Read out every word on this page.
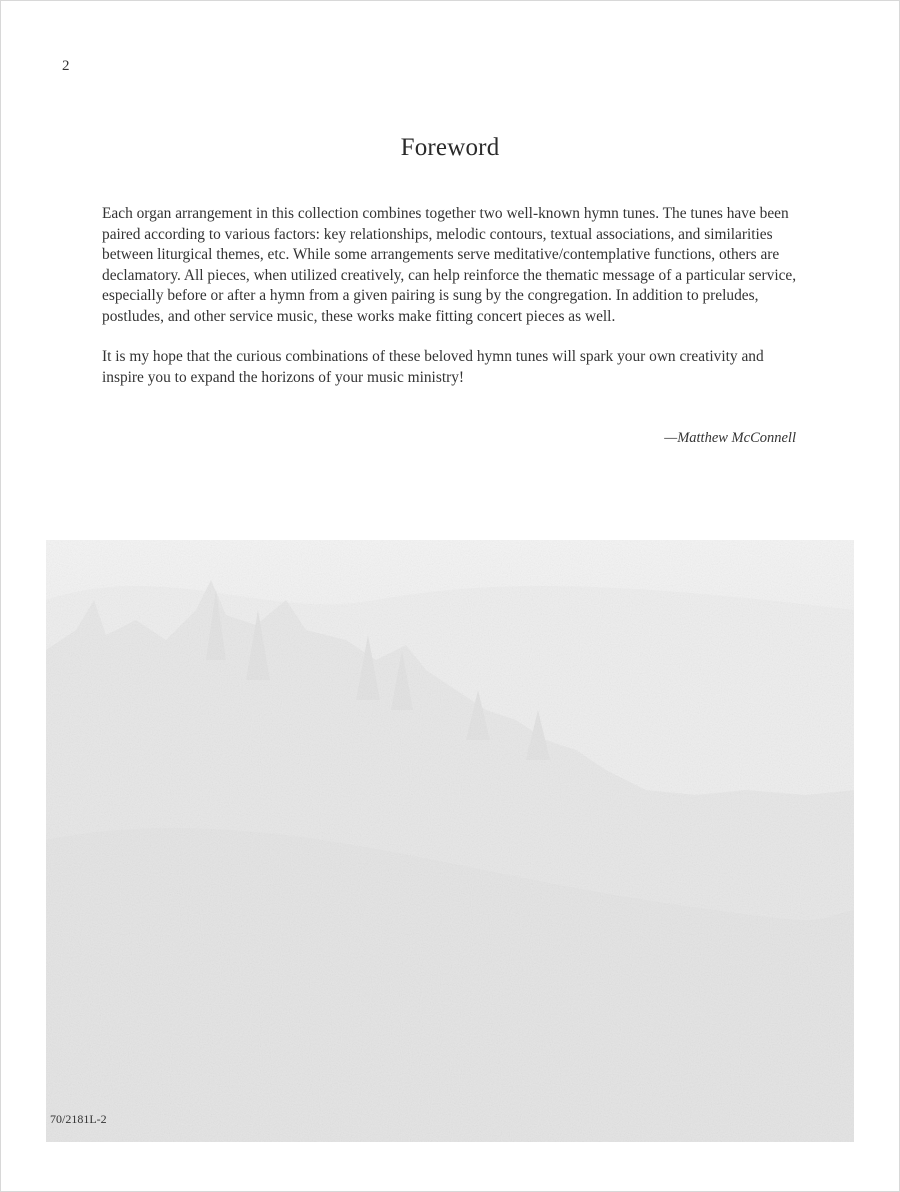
2
Foreword

Each organ arrangement in this collection combines together two well-known hymn tunes. The tunes have been paired according to various factors: key relationships, melodic contours, textual associations, and similarities between liturgical themes, etc. While some arrangements serve meditative/contemplative functions, others are declamatory. All pieces, when utilized creatively, can help reinforce the thematic message of a particular service, especially before or after a hymn from a given pairing is sung by the congregation. In addition to preludes, postludes, and other service music, these works make fitting concert pieces as well.

It is my hope that the curious combinations of these beloved hymn tunes will spark your own creativity and inspire you to expand the horizons of your music ministry!

—Matthew McConnell
70/2181L-2
